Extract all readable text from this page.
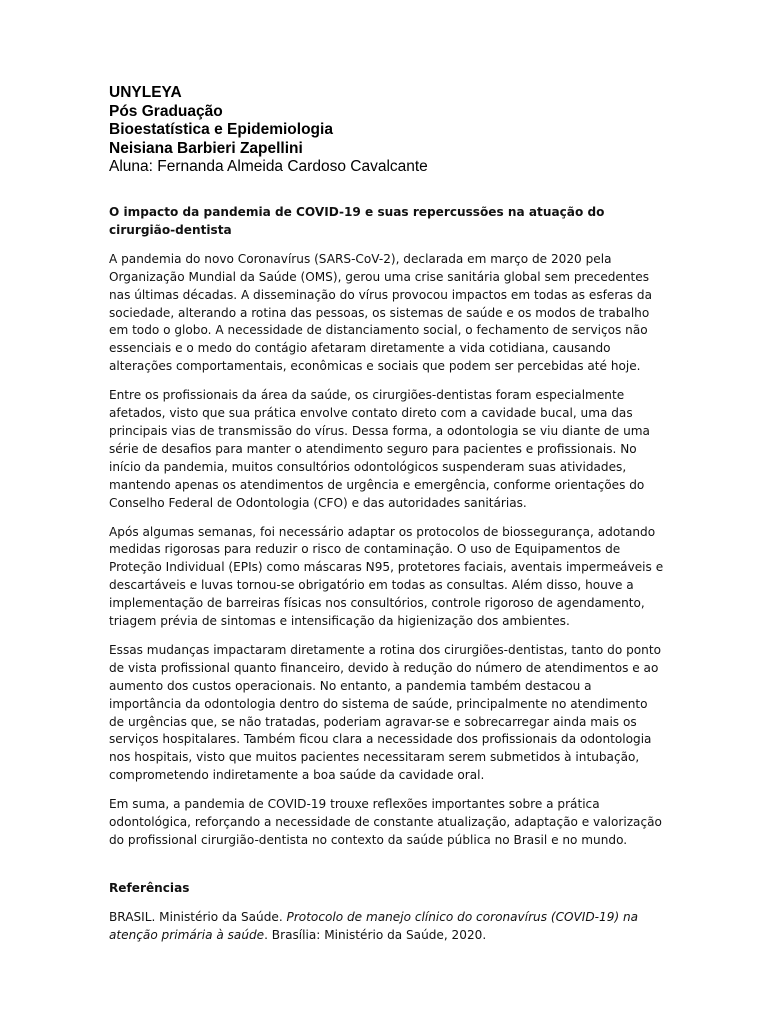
UNYLEYA
Pós Graduação
Bioestatística e Epidemiologia
Neisiana Barbieri Zapellini
Aluna: Fernanda Almeida Cardoso Cavalcante

O impacto da pandemia de COVID-19 e suas repercussões na atuação do cirurgião-dentista

A pandemia do novo Coronavírus (SARS-CoV-2), declarada em março de 2020 pela Organização Mundial da Saúde (OMS), gerou uma crise sanitária global sem precedentes nas últimas décadas. A disseminação do vírus provocou impactos em todas as esferas da sociedade, alterando a rotina das pessoas, os sistemas de saúde e os modos de trabalho em todo o globo. A necessidade de distanciamento social, o fechamento de serviços não essenciais e o medo do contágio afetaram diretamente a vida cotidiana, causando alterações comportamentais, econômicas e sociais que podem ser percebidas até hoje.

Entre os profissionais da área da saúde, os cirurgiões-dentistas foram especialmente afetados, visto que sua prática envolve contato direto com a cavidade bucal, uma das principais vias de transmissão do vírus. Dessa forma, a odontologia se viu diante de uma série de desafios para manter o atendimento seguro para pacientes e profissionais. No início da pandemia, muitos consultórios odontológicos suspenderam suas atividades, mantendo apenas os atendimentos de urgência e emergência, conforme orientações do Conselho Federal de Odontologia (CFO) e das autoridades sanitárias.

Após algumas semanas, foi necessário adaptar os protocolos de biossegurança, adotando medidas rigorosas para reduzir o risco de contaminação. O uso de Equipamentos de Proteção Individual (EPIs) como máscaras N95, protetores faciais, aventais impermeáveis e descartáveis e luvas tornou-se obrigatório em todas as consultas. Além disso, houve a implementação de barreiras físicas nos consultórios, controle rigoroso de agendamento, triagem prévia de sintomas e intensificação da higienização dos ambientes.

Essas mudanças impactaram diretamente a rotina dos cirurgiões-dentistas, tanto do ponto de vista profissional quanto financeiro, devido à redução do número de atendimentos e ao aumento dos custos operacionais. No entanto, a pandemia também destacou a importância da odontologia dentro do sistema de saúde, principalmente no atendimento de urgências que, se não tratadas, poderiam agravar-se e sobrecarregar ainda mais os serviços hospitalares. Também ficou clara a necessidade dos profissionais da odontologia nos hospitais, visto que muitos pacientes necessitaram serem submetidos à intubação, comprometendo indiretamente a boa saúde da cavidade oral.

Em suma, a pandemia de COVID-19 trouxe reflexões importantes sobre a prática odontológica, reforçando a necessidade de constante atualização, adaptação e valorização do profissional cirurgião-dentista no contexto da saúde pública no Brasil e no mundo.

Referências

BRASIL. Ministério da Saúde. Protocolo de manejo clínico do coronavírus (COVID-19) na atenção primária à saúde. Brasília: Ministério da Saúde, 2020.
